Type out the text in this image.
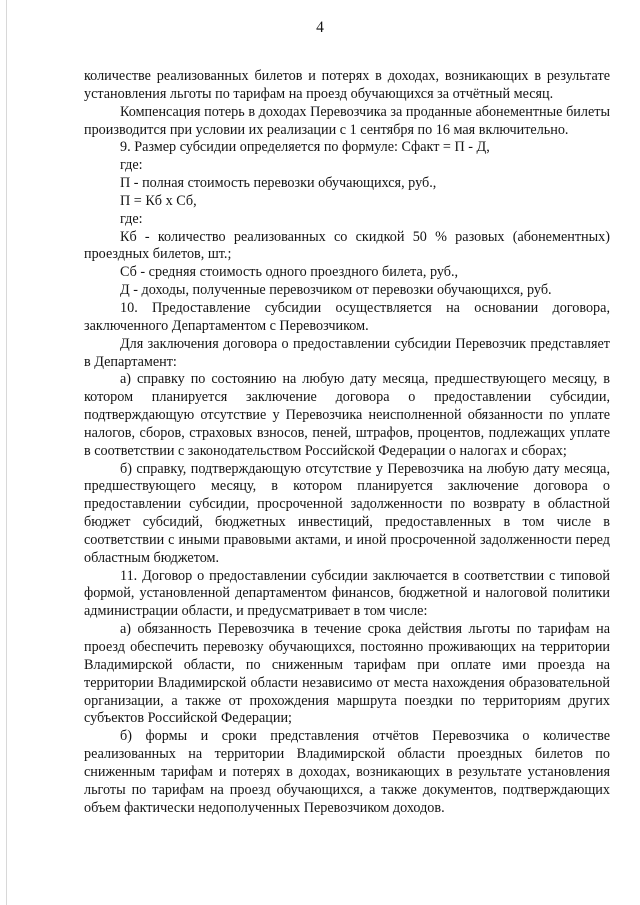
4

количестве реализованных билетов и потерях в доходах, возникающих в результате установления льготы по тарифам на проезд обучающихся за отчётный месяц.

Компенсация потерь в доходах Перевозчика за проданные абонементные билеты производится при условии их реализации с 1 сентября по 16 мая включительно.

9. Размер субсидии определяется по формуле: Сфакт = П - Д,

где:

П - полная стоимость перевозки обучающихся, руб.,

П = Кб х Сб,

где:

Кб - количество реализованных со скидкой 50 % разовых (абонементных) проездных билетов, шт.;

Сб - средняя стоимость одного проездного билета, руб.,

Д - доходы, полученные перевозчиком от перевозки обучающихся, руб.

10. Предоставление субсидии осуществляется на основании договора, заключенного Департаментом с Перевозчиком.

Для заключения договора о предоставлении субсидии Перевозчик представляет в Департамент:

а) справку по состоянию на любую дату месяца, предшествующего месяцу, в котором планируется заключение договора о предоставлении субсидии, подтверждающую отсутствие у Перевозчика неисполненной обязанности по уплате налогов, сборов, страховых взносов, пеней, штрафов, процентов, подлежащих уплате в соответствии с законодательством Российской Федерации о налогах и сборах;

б) справку, подтверждающую отсутствие у Перевозчика на любую дату месяца, предшествующего месяцу, в котором планируется заключение договора о предоставлении субсидии, просроченной задолженности по возврату в областной бюджет субсидий, бюджетных инвестиций, предоставленных в том числе в соответствии с иными правовыми актами, и иной просроченной задолженности перед областным бюджетом.

11. Договор о предоставлении субсидии заключается в соответствии с типовой формой, установленной департаментом финансов, бюджетной и налоговой политики администрации области, и предусматривает в том числе:

а) обязанность Перевозчика в течение срока действия льготы по тарифам на проезд обеспечить перевозку обучающихся, постоянно проживающих на территории Владимирской области, по сниженным тарифам при оплате ими проезда на территории Владимирской области независимо от места нахождения образовательной организации, а также от прохождения маршрута поездки по территориям других субъектов Российской Федерации;

б) формы и сроки представления отчётов Перевозчика о количестве реализованных на территории Владимирской области проездных билетов по сниженным тарифам и потерях в доходах, возникающих в результате установления льготы по тарифам на проезд обучающихся, а также документов, подтверждающих объем фактически недополученных Перевозчиком доходов.
